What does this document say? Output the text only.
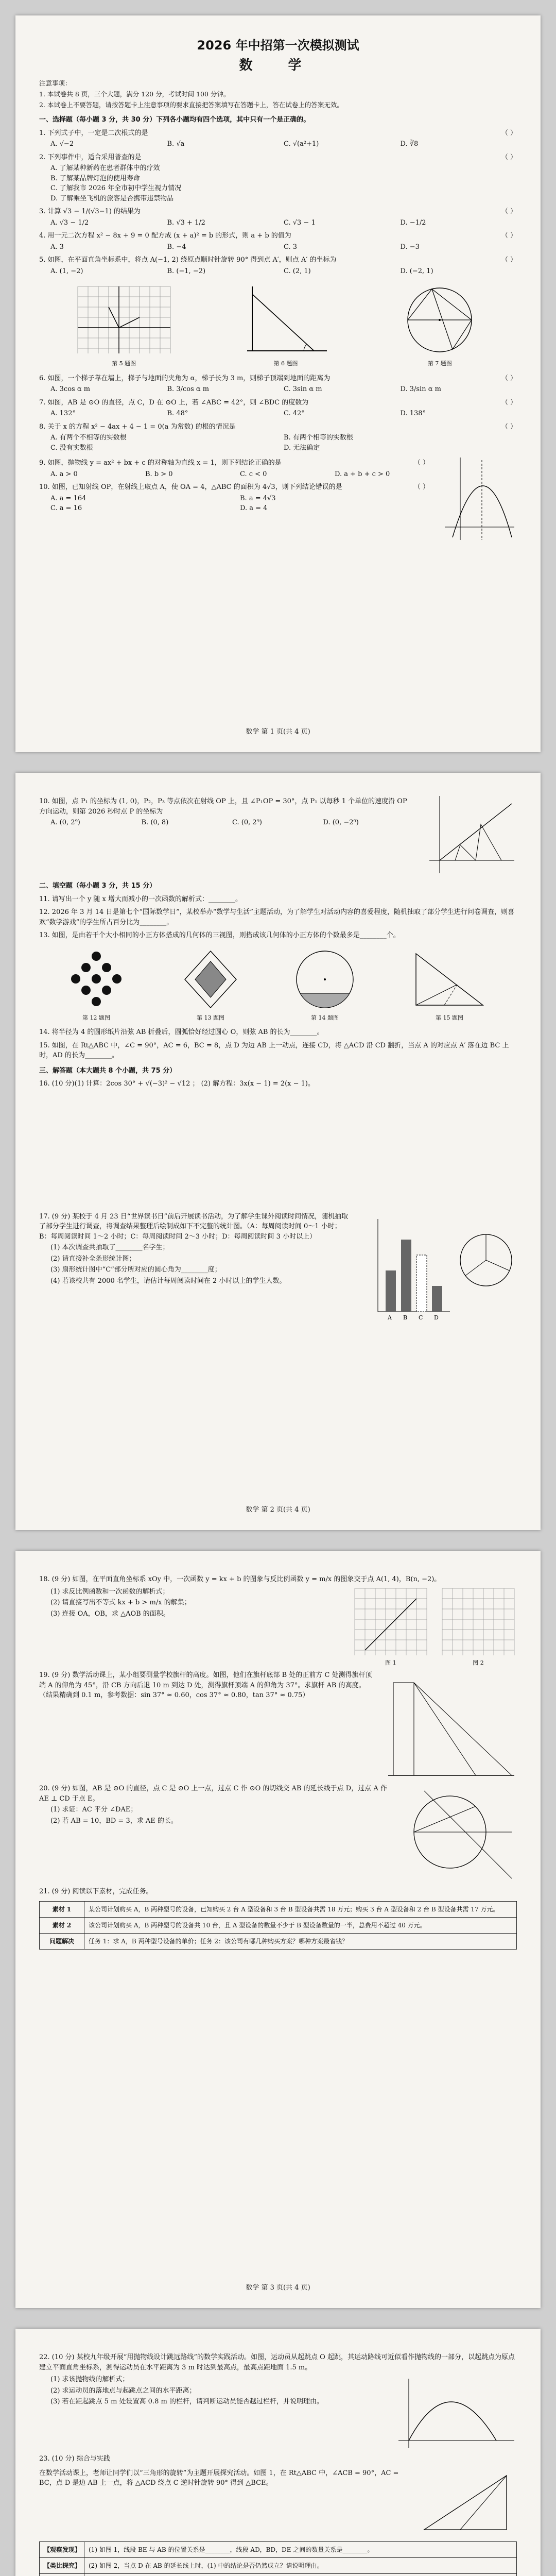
2026 年中招第一次模拟测试
数 学
注意事项：
1. 本试卷共 8 页，三个大题，满分 120 分，考试时间 100 分钟。
2. 本试卷上不要答题，请按答题卡上注意事项的要求直接把答案填写在答题卡上，答在试卷上的答案无效。
一、选择题（每小题 3 分，共 30 分）下列各小题均有四个选项，其中只有一个是正确的。
（ ）
1. 下列式子中，一定是二次根式的是
A. √−2	B. √a	C. √(a²+1)	D. ∛8
（ ）
2. 下列事件中，适合采用普查的是
A. 了解某种新药在患者群体中的疗效
B. 了解某品牌灯泡的使用寿命
C. 了解我市 2026 年全市初中学生视力情况
D. 了解乘坐飞机的旅客是否携带违禁物品
（ ）
3. 计算 √3 − 1/(√3−1) 的结果为
A. √3 − 1/2	B. √3 + 1/2	C. √3 − 1	D. −1/2
（ ）
4. 用一元二次方程 x² − 8x + 9 = 0 配方成 (x + a)² = b 的形式，则 a + b 的值为
A. 3	B. −4	C. 3	D. −3
（ ）
5. 如图，在平面直角坐标系中，将点 A(−1, 2) 绕原点顺时针旋转 90° 得到点 A′，则点 A′ 的坐标为
A. (1, −2)	B. (−1, −2)	C. (2, 1)	D. (−2, 1)
第 5 题图	第 6 题图	第 7 题图
（ ）
6. 如图，一个梯子靠在墙上，梯子与地面的夹角为 α，梯子长为 3 m，则梯子顶端到地面的距离为
A. 3cos α m	B. 3/cos α m	C. 3sin α m	D. 3/sin α m
（ ）
7. 如图，AB 是 ⊙O 的直径，点 C，D 在 ⊙O 上，若 ∠ABC = 42°，则 ∠BDC 的度数为
A. 132°	B. 48°	C. 42°	D. 138°
（ ）
8. 关于 x 的方程 x² − 4ax + 4 − 1 = 0(a 为常数) 的根的情况是
A. 有两个不相等的实数根	B. 有两个相等的实数根
C. 没有实数根	D. 无法确定
（ ）
9. 如图，抛物线 y = ax² + bx + c 的对称轴为直线 x = 1，则下列结论正确的是
A. a > 0	B. b > 0	C. c < 0	D. a + b + c > 0
（ ）
10. 如图，已知射线 OP，在射线上取点 A，使 OA = 4，△ABC 的面积为 4√3，则下列结论错误的是
A. a = 164	B. a = 4√3
C. a = 16	D. a = 4
数学 第 1 页(共 4 页)
10. 如图，点 P₁ 的坐标为 (1, 0)，P₂，P₃ 等点依次在射线 OP 上，且 ∠P₁OP = 30°，点 P₁ 以每秒 1 个单位的速度沿 OP 方向运动，则第 2026 秒时点 P 的坐标为
A. (0, 2⁹)	B. (0, 8)	C. (0, 2⁹)	D. (0, −2⁹)
二、填空题（每小题 3 分，共 15 分）
11. 请写出一个 y 随 x 增大而减小的一次函数的解析式：________。
12. 2026 年 3 月 14 日是第七个“国际数学日”，某校举办“数学与生活”主题活动，为了解学生对活动内容的喜爱程度，随机抽取了部分学生进行问卷调查，则喜欢“数学游戏”的学生所占百分比为________。
13. 如图，是由若干个大小相同的小正方体搭成的几何体的三视图，则搭成该几何体的小正方体的个数最多是________个。
第 12 题图	第 13 题图	第 14 题图	第 15 题图
14. 将半径为 4 的圆形纸片沿弦 AB 折叠后，圆弧恰好经过圆心 O，则弦 AB 的长为________。
15. 如图，在 Rt△ABC 中，∠C = 90°，AC = 6，BC = 8，点 D 为边 AB 上一动点，连接 CD，将 △ACD 沿 CD 翻折，当点 A 的对应点 A′ 落在边 BC 上时，AD 的长为________。
三、解答题（本大题共 8 个小题，共 75 分）
16. (10 分)(1) 计算：2cos 30° + √(−3)² − √12 ； (2) 解方程：3x(x − 1) = 2(x − 1)。
17. (9 分) 某校于 4 月 23 日“世界读书日”前后开展读书活动，为了解学生课外阅读时间情况，随机抽取了部分学生进行调查，将调查结果整理后绘制成如下不完整的统计图。（A：每周阅读时间 0～1 小时；B：每周阅读时间 1～2 小时；C：每周阅读时间 2～3 小时；D：每周阅读时间 3 小时以上）
(1) 本次调查共抽取了________名学生；
(2) 请直接补全条形统计图；
(3) 扇形统计图中“C”部分所对应的圆心角为________度；
(4) 若该校共有 2000 名学生，请估计每周阅读时间在 2 小时以上的学生人数。
A B C D
数学 第 2 页(共 4 页)
18. (9 分) 如图，在平面直角坐标系 xOy 中，一次函数 y = kx + b 的图象与反比例函数 y = m/x 的图象交于点 A(1, 4)，B(n, −2)。
(1) 求反比例函数和一次函数的解析式；
(2) 请直接写出不等式 kx + b > m/x 的解集；
(3) 连接 OA，OB，求 △AOB 的面积。
图 1	图 2
19. (9 分) 数学活动课上，某小组要测量学校旗杆的高度。如图，他们在旗杆底部 B 处的正前方 C 处测得旗杆顶端 A 的仰角为 45°，沿 CB 方向后退 10 m 到达 D 处，测得旗杆顶端 A 的仰角为 37°。求旗杆 AB 的高度。（结果精确到 0.1 m，参考数据：sin 37° ≈ 0.60，cos 37° ≈ 0.80，tan 37° ≈ 0.75）
20. (9 分) 如图，AB 是 ⊙O 的直径，点 C 是 ⊙O 上一点，过点 C 作 ⊙O 的切线交 AB 的延长线于点 D，过点 A 作 AE ⊥ CD 于点 E。
(1) 求证：AC 平分 ∠DAE；
(2) 若 AB = 10，BD = 3，求 AE 的长。
21. (9 分) 阅读以下素材，完成任务。
素材 1	某公司计划购买 A，B 两种型号的设备，已知购买 2 台 A 型设备和 3 台 B 型设备共需 18 万元；购买 3 台 A 型设备和 2 台 B 型设备共需 17 万元。
素材 2	该公司计划购买 A，B 两种型号的设备共 10 台，且 A 型设备的数量不少于 B 型设备数量的一半，总费用不超过 40 万元。
问题解决	任务 1：求 A，B 两种型号设备的单价；任务 2：该公司有哪几种购买方案？哪种方案最省钱？
数学 第 3 页(共 4 页)
22. (10 分) 某校九年级开展“用抛物线设计跳远路线”的数学实践活动。如图，运动员从起跳点 O 起跳，其运动路线可近似看作抛物线的一部分，以起跳点为原点建立平面直角坐标系，测得运动员在水平距离为 3 m 时达到最高点，最高点距地面 1.5 m。
(1) 求该抛物线的解析式；
(2) 求运动员的落地点与起跳点之间的水平距离；
(3) 若在距起跳点 5 m 处设置高 0.8 m 的栏杆，请判断运动员能否越过栏杆，并说明理由。
23. (10 分) 综合与实践
在数学活动课上，老师让同学们以“三角形的旋转”为主题开展探究活动。如图 1，在 Rt△ABC 中，∠ACB = 90°，AC = BC，点 D 是边 AB 上一点，将 △ACD 绕点 C 逆时针旋转 90° 得到 △BCE。
【观察发现】	(1) 如图 1，线段 BE 与 AB 的位置关系是________，线段 AD，BD，DE 之间的数量关系是________。
【类比探究】	(2) 如图 2，当点 D 在 AB 的延长线上时，(1) 中的结论是否仍然成立？请说明理由。
